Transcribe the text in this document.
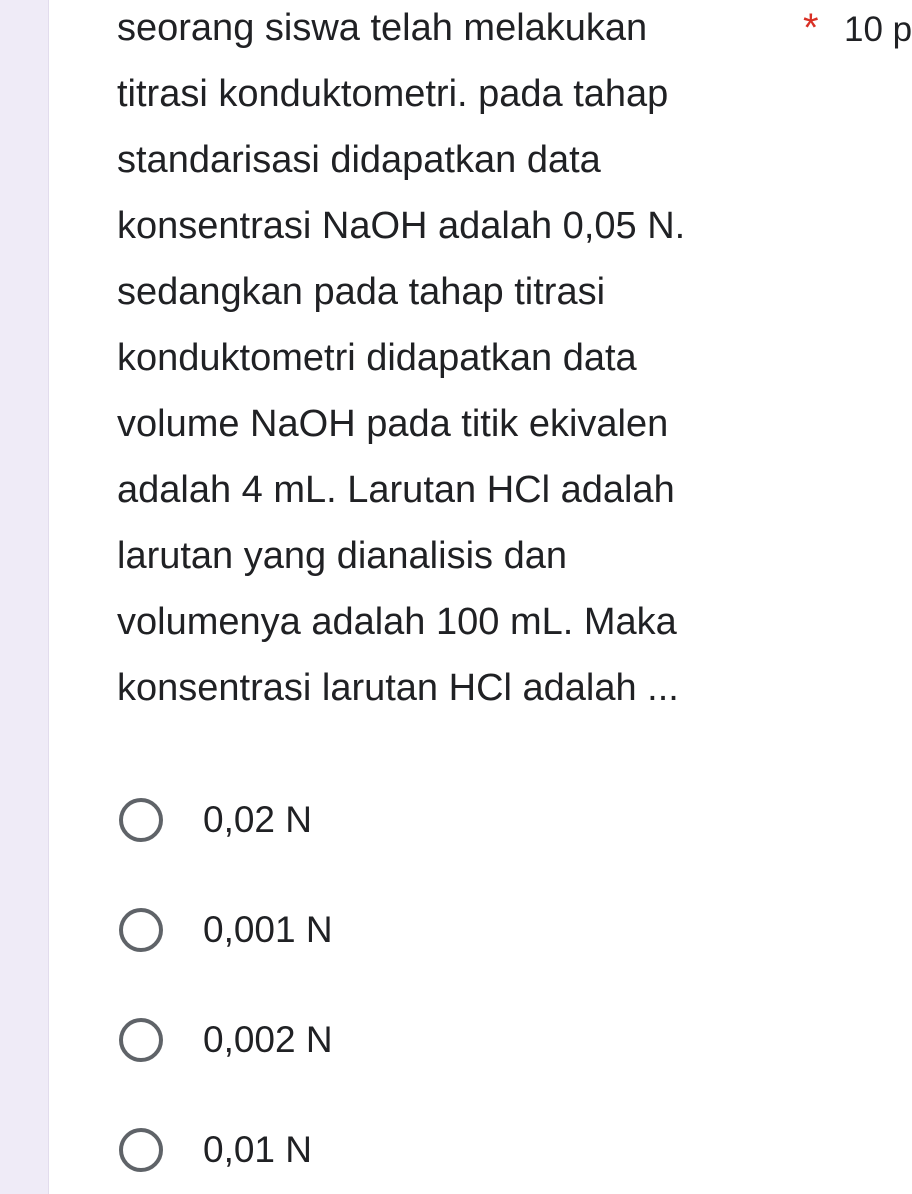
seorang siswa telah melakukan
titrasi konduktometri. pada tahap
standarisasi didapatkan data
konsentrasi NaOH adalah 0,05 N.
sedangkan pada tahap titrasi
konduktometri didapatkan data
volume NaOH pada titik ekivalen
adalah 4 mL. Larutan HCl adalah
larutan yang dianalisis dan
volumenya adalah 100 mL. Maka
konsentrasi larutan HCl adalah ...
* 10 p
0,02 N
0,001 N
0,002 N
0,01 N
